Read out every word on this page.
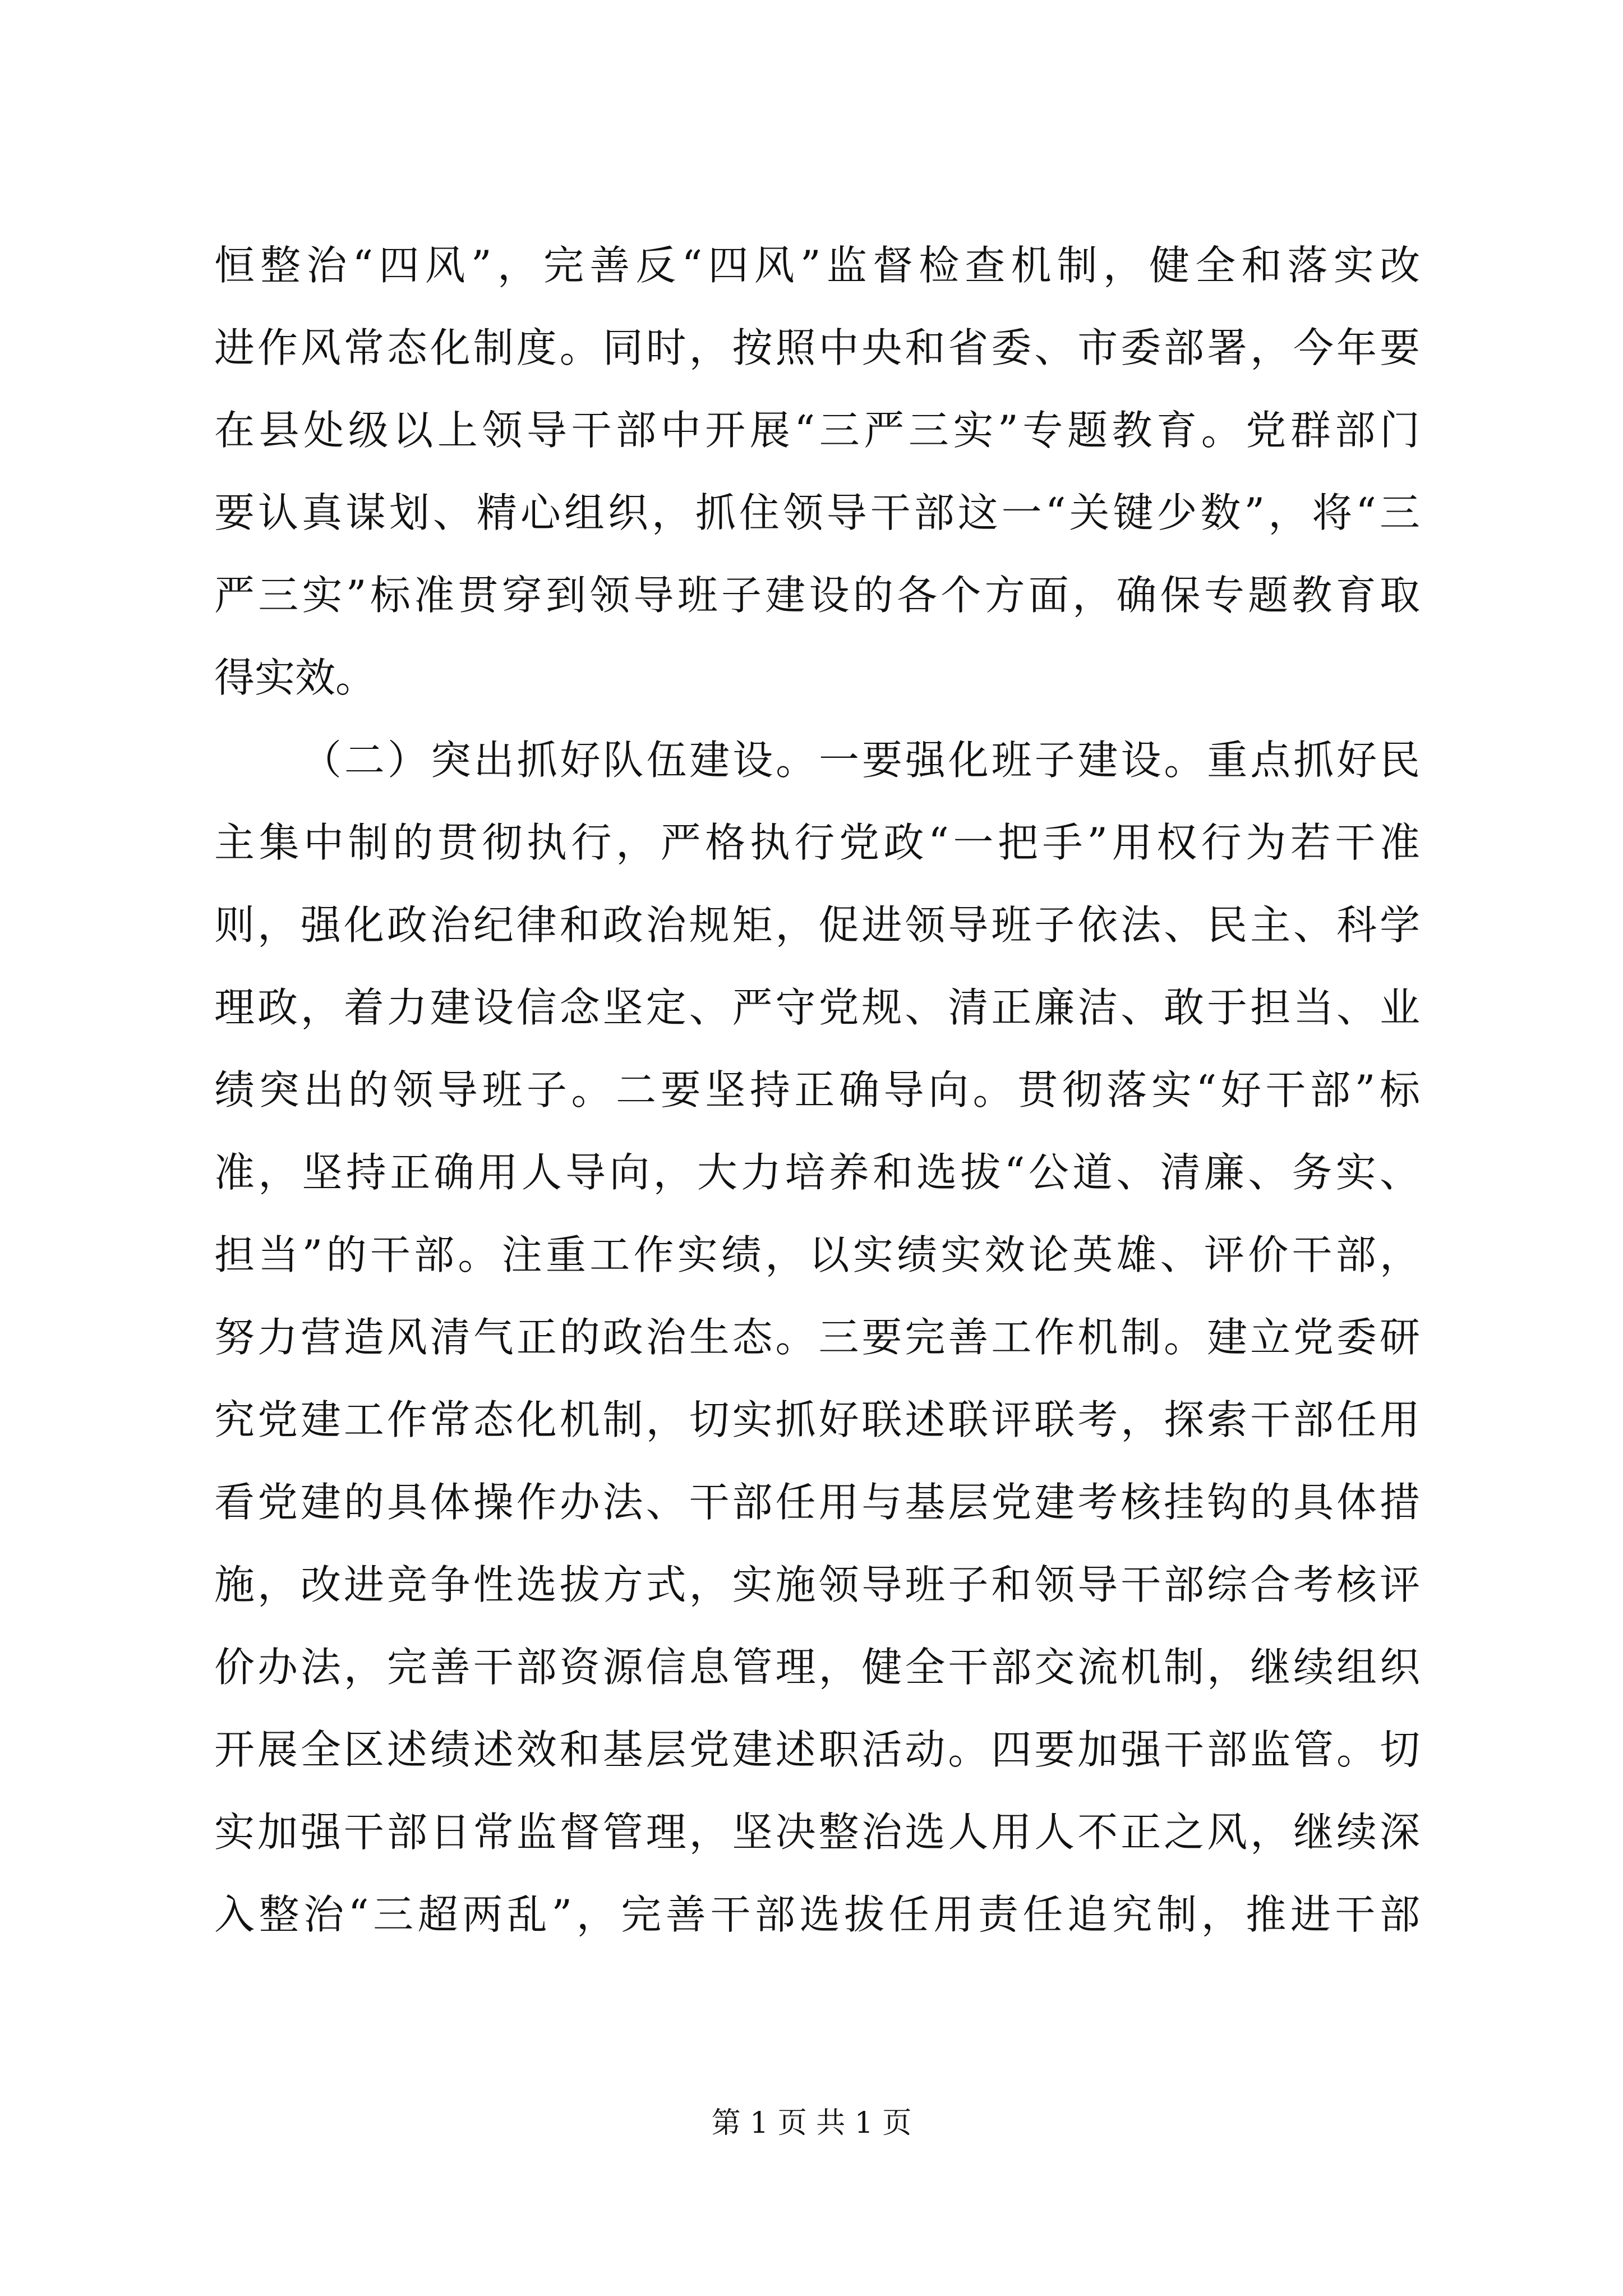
恒整治“四风”，完善反“四风”监督检查机制，健全和落实改
进作风常态化制度。同时，按照中央和省委、市委部署，今年要
在县处级以上领导干部中开展“三严三实”专题教育。党群部门
要认真谋划、精心组织，抓住领导干部这一“关键少数”，将“三
严三实”标准贯穿到领导班子建设的各个方面，确保专题教育取
得实效。
（二）突出抓好队伍建设。一要强化班子建设。重点抓好民
主集中制的贯彻执行，严格执行党政“一把手”用权行为若干准
则，强化政治纪律和政治规矩，促进领导班子依法、民主、科学
理政，着力建设信念坚定、严守党规、清正廉洁、敢于担当、业
绩突出的领导班子。二要坚持正确导向。贯彻落实“好干部”标
准，坚持正确用人导向，大力培养和选拔“公道、清廉、务实、
担当”的干部。注重工作实绩，以实绩实效论英雄、评价干部，
努力营造风清气正的政治生态。三要完善工作机制。建立党委研
究党建工作常态化机制，切实抓好联述联评联考，探索干部任用
看党建的具体操作办法、干部任用与基层党建考核挂钩的具体措
施，改进竞争性选拔方式，实施领导班子和领导干部综合考核评
价办法，完善干部资源信息管理，健全干部交流机制，继续组织
开展全区述绩述效和基层党建述职活动。四要加强干部监管。切
实加强干部日常监督管理，坚决整治选人用人不正之风，继续深
入整治“三超两乱”，完善干部选拔任用责任追究制，推进干部
第 1 页 共 1 页
